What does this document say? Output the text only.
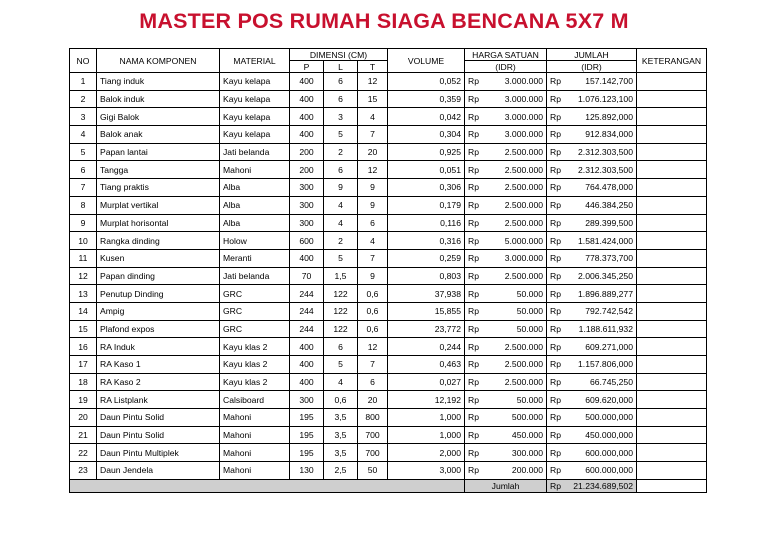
MASTER POS RUMAH SIAGA BENCANA 5X7 M
NO	NAMA KOMPONEN	MATERIAL	DIMENSI (CM)			VOLUME	HARGA SATUAN	JUMLAH	KETERANGAN
			P	L	T		(IDR)	(IDR)	
1	Tiang induk	Kayu kelapa	400	6	12	0,052	Rp 3.000.000	Rp 157.142,700	

2	Balok induk	Kayu kelapa	400	6	15	0,359	Rp 3.000.000	Rp 1.076.123,100	

3	Gigi Balok	Kayu kelapa	400	3	4	0,042	Rp 3.000.000	Rp 125.892,000	

4	Balok anak	Kayu kelapa	400	5	7	0,304	Rp 3.000.000	Rp 912.834,000	

5	Papan lantai	Jati belanda	200	2	20	0,925	Rp 2.500.000	Rp 2.312.303,500	

6	Tangga	Mahoni	200	6	12	0,051	Rp 2.500.000	Rp 2.312.303,500	

7	Tiang praktis	Alba	300	9	9	0,306	Rp 2.500.000	Rp 764.478,000	

8	Murplat vertikal	Alba	300	4	9	0,179	Rp 2.500.000	Rp 446.384,250	

9	Murplat horisontal	Alba	300	4	6	0,116	Rp 2.500.000	Rp 289.399,500	

10	Rangka dinding	Holow	600	2	4	0,316	Rp 5.000.000	Rp 1.581.424,000	

11	Kusen	Meranti	400	5	7	0,259	Rp 3.000.000	Rp 778.373,700	

12	Papan dinding	Jati belanda	70	1,5	9	0,803	Rp 2.500.000	Rp 2.006.345,250	

13	Penutup Dinding	GRC	244	122	0,6	37,938	Rp 50.000	Rp 1.896.889,277	

14	Ampig	GRC	244	122	0,6	15,855	Rp 50.000	Rp 792.742,542	

15	Plafond expos	GRC	244	122	0,6	23,772	Rp 50.000	Rp 1.188.611,932	

16	RA Induk	Kayu klas 2	400	6	12	0,244	Rp 2.500.000	Rp 609.271,000	

17	RA Kaso 1	Kayu klas 2	400	5	7	0,463	Rp 2.500.000	Rp 1.157.806,000	

18	RA Kaso 2	Kayu klas 2	400	4	6	0,027	Rp 2.500.000	Rp 66.745,250	

19	RA Listplank	Calsiboard	300	0,6	20	12,192	Rp 50.000	Rp 609.620,000	

20	Daun Pintu Solid	Mahoni	195	3,5	800	1,000	Rp 500.000	Rp 500.000,000	

21	Daun Pintu Solid	Mahoni	195	3,5	700	1,000	Rp 450.000	Rp 450.000,000	

22	Daun Pintu Multiplek	Mahoni	195	3,5	700	2,000	Rp 300.000	Rp 600.000,000	

23	Daun Jendela	Mahoni	130	2,5	50	3,000	Rp 200.000	Rp 600.000,000	

							Jumlah	Rp 21.234.689,502	
